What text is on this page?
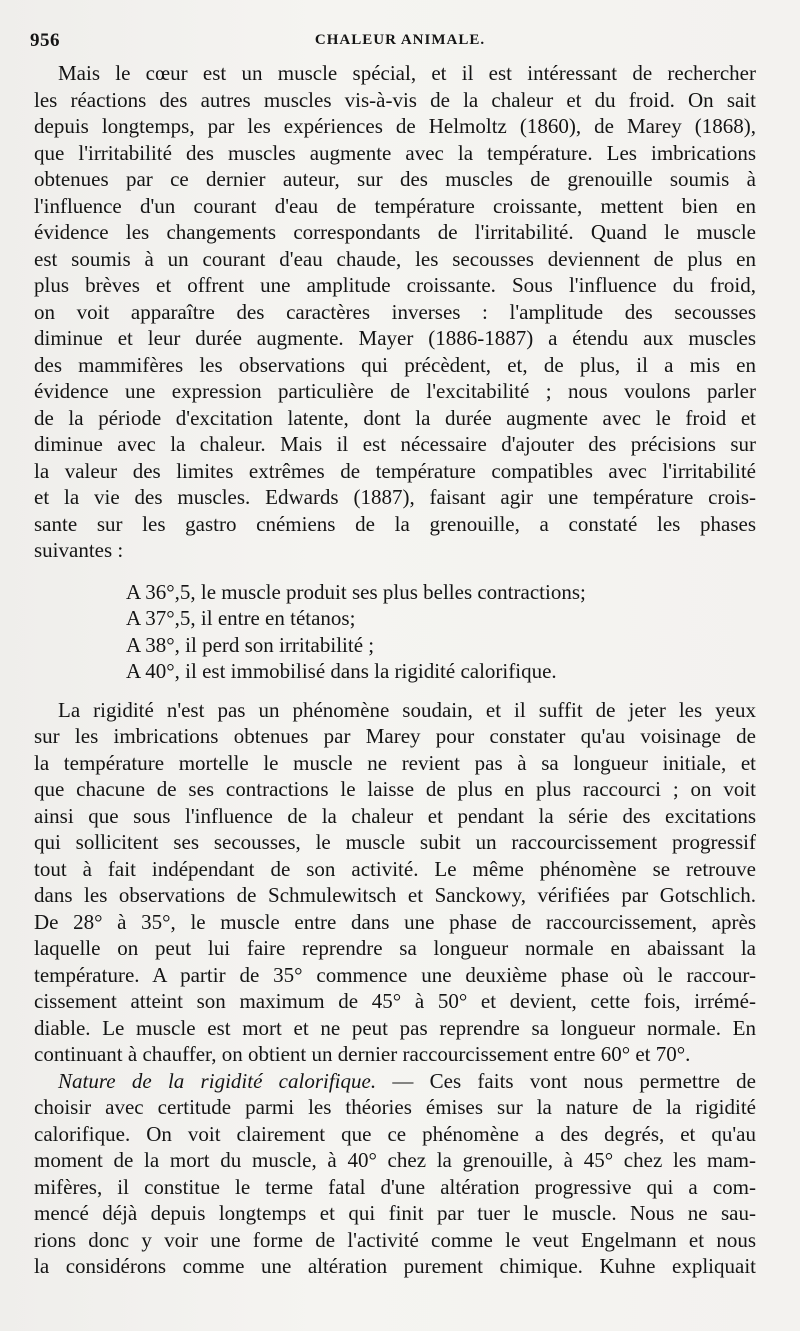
956	CHALEUR ANIMALE.
Mais le cœur est un muscle spécial, et il est intéressant de rechercher
les réactions des autres muscles vis-à-vis de la chaleur et du froid. On sait
depuis longtemps, par les expériences de Helmoltz (1860), de Marey (1868),
que l'irritabilité des muscles augmente avec la température. Les imbrications
obtenues par ce dernier auteur, sur des muscles de grenouille soumis à
l'influence d'un courant d'eau de température croissante, mettent bien en
évidence les changements correspondants de l'irritabilité. Quand le muscle
est soumis à un courant d'eau chaude, les secousses deviennent de plus en
plus brèves et offrent une amplitude croissante. Sous l'influence du froid,
on voit apparaître des caractères inverses : l'amplitude des secousses
diminue et leur durée augmente. Mayer (1886-1887) a étendu aux muscles
des mammifères les observations qui précèdent, et, de plus, il a mis en
évidence une expression particulière de l'excitabilité ; nous voulons parler
de la période d'excitation latente, dont la durée augmente avec le froid et
diminue avec la chaleur. Mais il est nécessaire d'ajouter des précisions sur
la valeur des limites extrêmes de température compatibles avec l'irritabilité
et la vie des muscles. Edwards (1887), faisant agir une température crois-
sante sur les gastro cnémiens de la grenouille, a constaté les phases
suivantes :
A 36°,5, le muscle produit ses plus belles contractions;
A 37°,5, il entre en tétanos;
A 38°, il perd son irritabilité ;
A 40°, il est immobilisé dans la rigidité calorifique.
La rigidité n'est pas un phénomène soudain, et il suffit de jeter les yeux
sur les imbrications obtenues par Marey pour constater qu'au voisinage de
la température mortelle le muscle ne revient pas à sa longueur initiale, et
que chacune de ses contractions le laisse de plus en plus raccourci ; on voit
ainsi que sous l'influence de la chaleur et pendant la série des excitations
qui sollicitent ses secousses, le muscle subit un raccourcissement progressif
tout à fait indépendant de son activité. Le même phénomène se retrouve
dans les observations de Schmulewitsch et Sanckowy, vérifiées par Gotschlich.
De 28° à 35°, le muscle entre dans une phase de raccourcissement, après
laquelle on peut lui faire reprendre sa longueur normale en abaissant la
température. A partir de 35° commence une deuxième phase où le raccour-
cissement atteint son maximum de 45° à 50° et devient, cette fois, irrémé-
diable. Le muscle est mort et ne peut pas reprendre sa longueur normale. En
continuant à chauffer, on obtient un dernier raccourcissement entre 60° et 70°.
Nature de la rigidité calorifique. — Ces faits vont nous permettre de
choisir avec certitude parmi les théories émises sur la nature de la rigidité
calorifique. On voit clairement que ce phénomène a des degrés, et qu'au
moment de la mort du muscle, à 40° chez la grenouille, à 45° chez les mam-
mifères, il constitue le terme fatal d'une altération progressive qui a com-
mencé déjà depuis longtemps et qui finit par tuer le muscle. Nous ne sau-
rions donc y voir une forme de l'activité comme le veut Engelmann et nous
la considérons comme une altération purement chimique. Kuhne expliquait
